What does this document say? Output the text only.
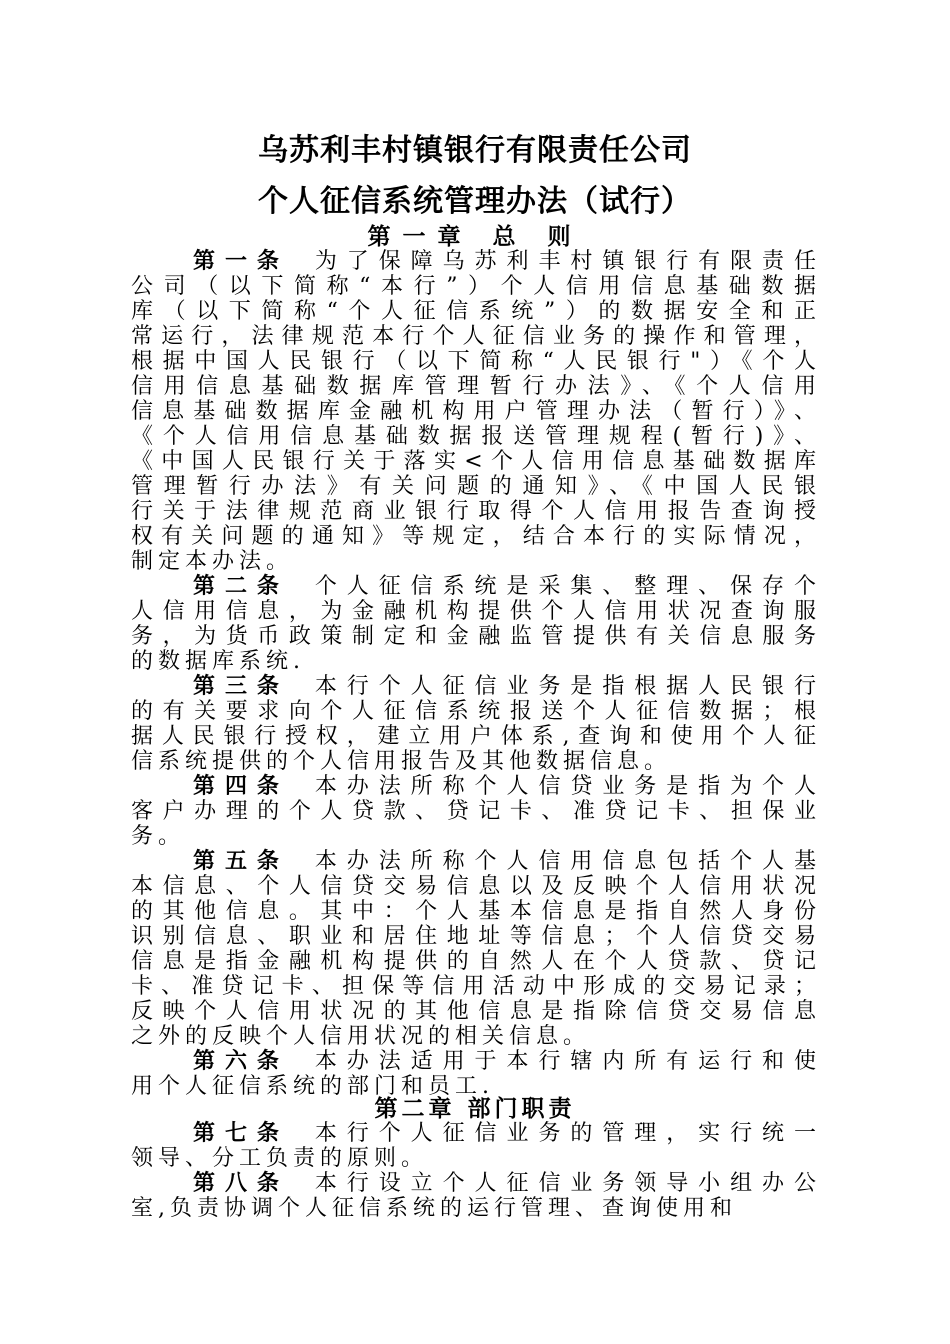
乌苏利丰村镇银行有限责任公司
个人征信系统管理办法（试行）
第一章 总 则
第二章 部门职责
第一条 为了保障乌苏利丰村镇银行有限责任
公司（以下简称“本行”）个人信用信息基础数据
库（以下简称“个人征信系统”）的数据安全和正
常运行，法律规范本行个人征信业务的操作和管理，
根据中国人民银行（以下简称“人民银行"）《个人
信用信息基础数据库管理暂行办法》、《个人信用
信息基础数据库金融机构用户管理办法（暂行）》、
《个人信用信息基础数据报送管理规程(暂行)》、
《中国人民银行关于落实<个人信用信息基础数据库
管理暂行办法》有关问题的通知》、《中国人民银
行关于法律规范商业银行取得个人信用报告查询授
权有关问题的通知》等规定，结合本行的实际情况，
制定本办法。
第二条 个人征信系统是采集、整理、保存个
人信用信息，为金融机构提供个人信用状况查询服
务，为货币政策制定和金融监管提供有关信息服务
的数据库系统.
第三条 本行个人征信业务是指根据人民银行
的有关要求向个人征信系统报送个人征信数据；根
据人民银行授权，建立用户体系,查询和使用个人征
信系统提供的个人信用报告及其他数据信息。
第四条 本办法所称个人信贷业务是指为个人
客户办理的个人贷款、贷记卡、准贷记卡、担保业
务。
第五条 本办法所称个人信用信息包括个人基
本信息、个人信贷交易信息以及反映个人信用状况
的其他信息。其中：个人基本信息是指自然人身份
识别信息、职业和居住地址等信息；个人信贷交易
信息是指金融机构提供的自然人在个人贷款、贷记
卡、准贷记卡、担保等信用活动中形成的交易记录；
反映个人信用状况的其他信息是指除信贷交易信息
之外的反映个人信用状况的相关信息。
第六条 本办法适用于本行辖内所有运行和使
用个人征信系统的部门和员工.
第七条 本行个人征信业务的管理，实行统一
领导、分工负责的原则。
第八条 本行设立个人征信业务领导小组办公
室,负责协调个人征信系统的运行管理、查询使用和
